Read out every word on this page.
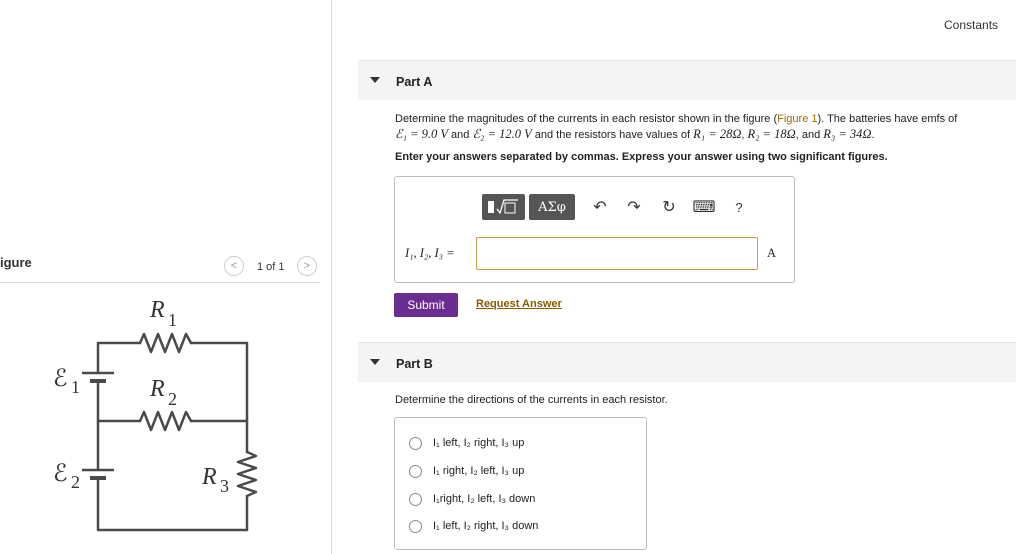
igure	< 1 of 1 >
R 1
R 2
R 3
ℰ 1
ℰ 2
Constants
Part A
Determine the magnitudes of the currents in each resistor shown in the figure (Figure 1). The batteries have emfs of
ℰ₁ = 9.0 V and ℰ₂ = 12.0 V and the resistors have values of R₁ = 28Ω, R₂ = 18Ω, and R₃ = 34Ω.
Enter your answers separated by commas. Express your answer using two significant figures.
ΑΣφ	↶ ↷ ↻ ⌨	?
I₁, I₂, I₃ =	A
Submit	Request Answer
Part B
Determine the directions of the currents in each resistor.
I₁ left, I₂ right, I₃ up
I₁ right, I₂ left, I₃ up
I₁right, I₂ left, I₃ down
I₁ left, I₂ right, I₃ down
